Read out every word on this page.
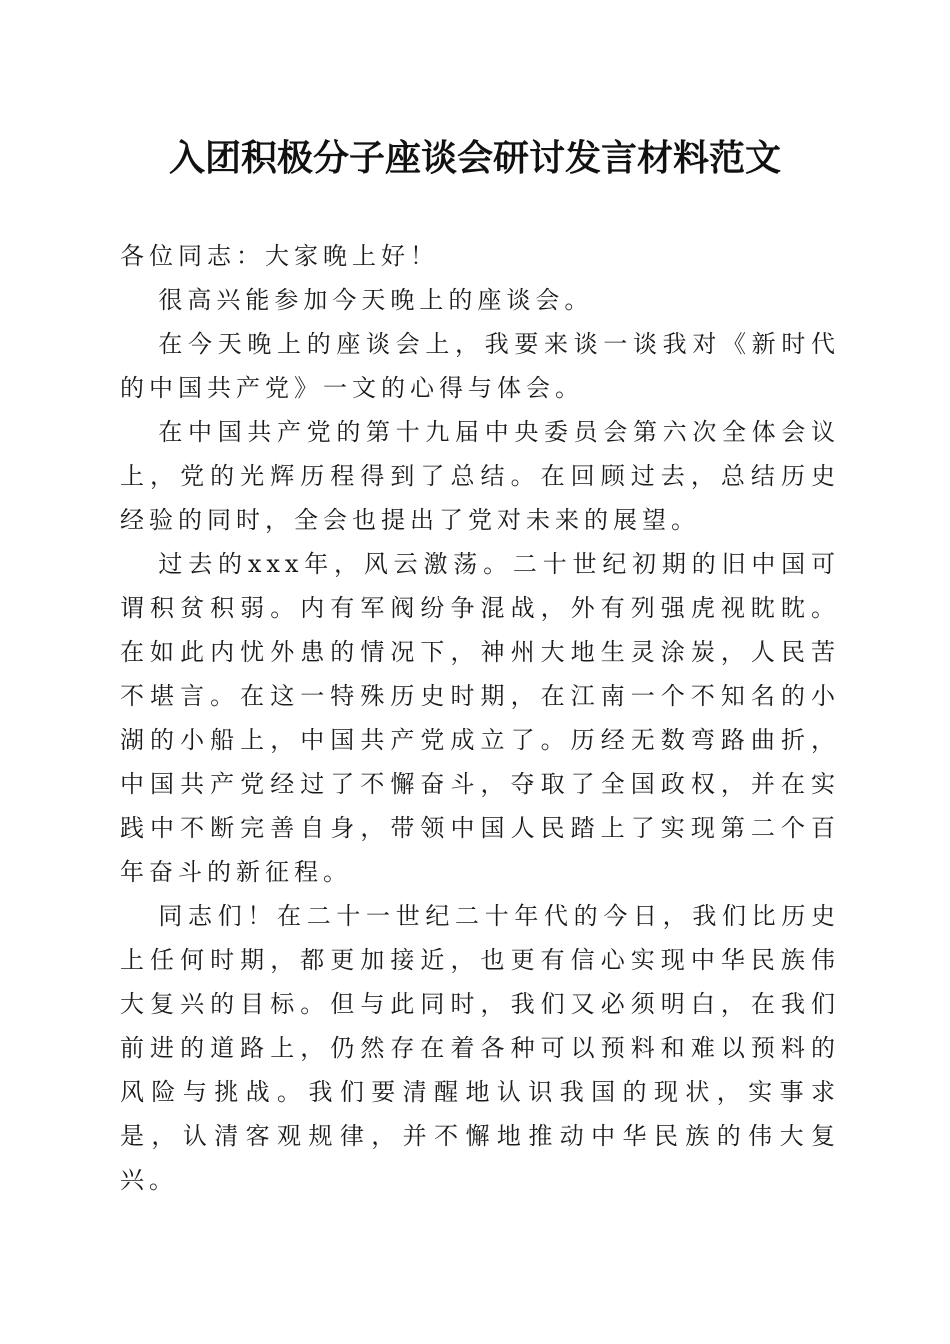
入团积极分子座谈会研讨发言材料范文

各位同志：大家晚上好！

很高兴能参加今天晚上的座谈会。

在今天晚上的座谈会上，我要来谈一谈我对《新时代的中国共产党》一文的心得与体会。

在中国共产党的第十九届中央委员会第六次全体会议上，党的光辉历程得到了总结。在回顾过去，总结历史经验的同时，全会也提出了党对未来的展望。

过去的xxx年，风云激荡。二十世纪初期的旧中国可谓积贫积弱。内有军阀纷争混战，外有列强虎视眈眈。在如此内忧外患的情况下，神州大地生灵涂炭，人民苦不堪言。在这一特殊历史时期，在江南一个不知名的小湖的小船上，中国共产党成立了。历经无数弯路曲折，中国共产党经过了不懈奋斗，夺取了全国政权，并在实践中不断完善自身，带领中国人民踏上了实现第二个百年奋斗的新征程。

同志们！在二十一世纪二十年代的今日，我们比历史上任何时期，都更加接近，也更有信心实现中华民族伟大复兴的目标。但与此同时，我们又必须明白，在我们前进的道路上，仍然存在着各种可以预料和难以预料的风险与挑战。我们要清醒地认识我国的现状，实事求是，认清客观规律，并不懈地推动中华民族的伟大复兴。
